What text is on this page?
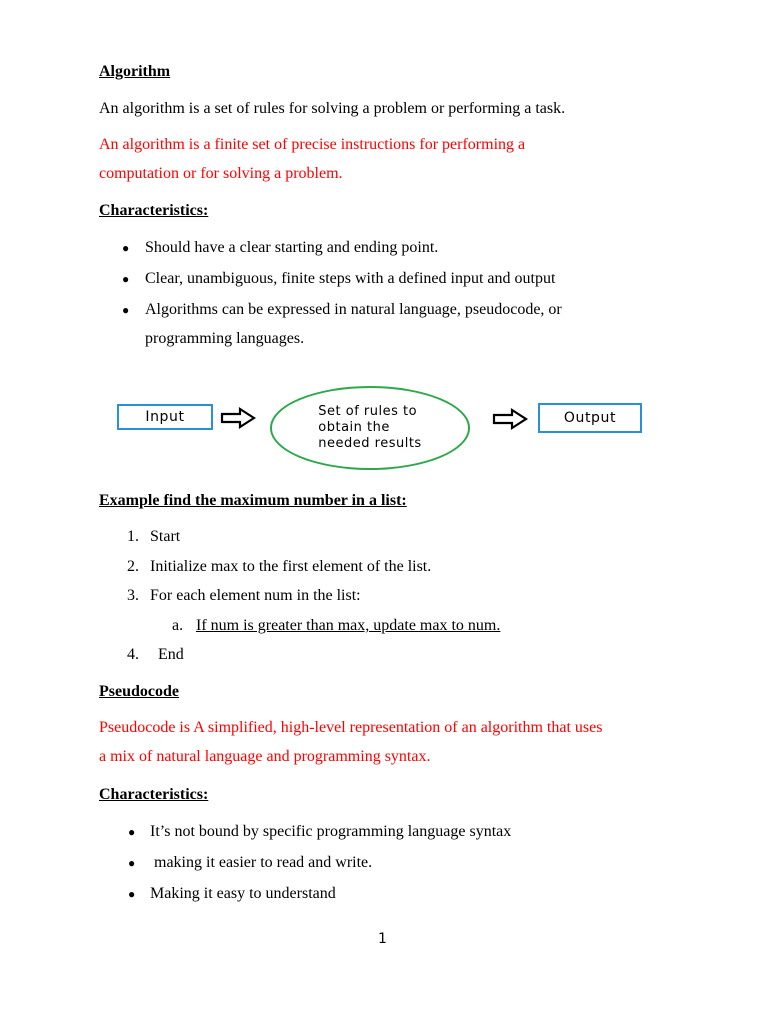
Algorithm
An algorithm is a set of rules for solving a problem or performing a task.
An algorithm is a finite set of precise instructions for performing a
computation or for solving a problem.
Characteristics:
● Should have a clear starting and ending point.
● Clear, unambiguous, finite steps with a defined input and output
● Algorithms can be expressed in natural language, pseudocode, or
programming languages.
Input	Set of rules to
obtain the
needed results
Output
Example find the maximum number in a list:
1. Start
2. Initialize max to the first element of the list.
3. For each element num in the list:
a. If num is greater than max, update max to num.
4. End
Pseudocode
Pseudocode is A simplified, high-level representation of an algorithm that uses
a mix of natural language and programming syntax.
Characteristics:
● It’s not bound by specific programming language syntax
● making it easier to read and write.
● Making it easy to understand
1
